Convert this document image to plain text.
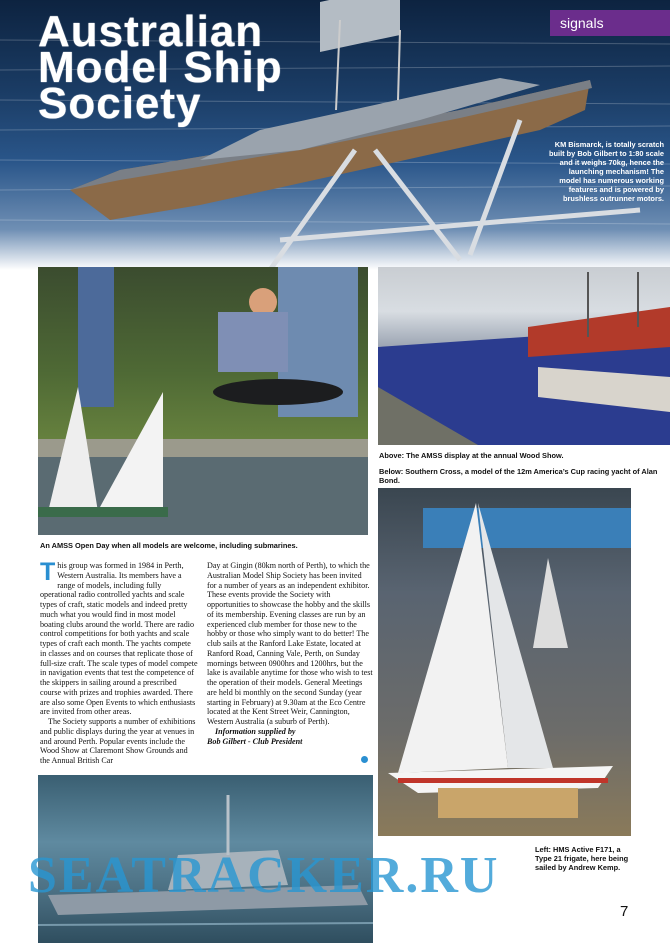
Australian
Model Ship
Society
KM Bismarck, is totally scratch built by Bob Gilbert to 1:80 scale and it weighs 70kg, hence the launching mechanism! The model has numerous working features and is powered by brushless outrunner motors.
signals
An AMSS Open Day when all models are welcome, including submarines.
Above: The AMSS display at the annual Wood Show.
Below: Southern Cross, a model of the 12m America’s Cup racing yacht of Alan Bond.
Left: HMS Active F171, a Type 21 frigate, here being sailed by Andrew Kemp.

This group was formed in 1984 in Perth, Western Australia. Its members have a range of models, including fully operational radio controlled yachts and scale types of craft, static models and indeed pretty much what you would find in most model boating clubs around the world. There are radio control competitions for both yachts and scale types of craft each month. The yachts compete in classes and on courses that replicate those of full-size craft. The scale types of model compete in navigation events that test the competence of the skippers in sailing around a prescribed course with prizes and trophies awarded. There are also some Open Events to which enthusiasts are invited from other areas.

The Society supports a number of exhibitions and public displays during the year at venues in and around Perth. Popular events include the Wood Show at Claremont Show Grounds and the Annual British Car

Day at Gingin (80km north of Perth), to which the Australian Model Ship Society has been invited for a number of years as an independent exhibitor. These events provide the Society with opportunities to showcase the hobby and the skills of its membership. Evening classes are run by an experienced club member for those new to the hobby or those who simply want to do better! The club sails at the Ranford Lake Estate, located at Ranford Road, Canning Vale, Perth, on Sunday mornings between 0900hrs and 1200hrs, but the lake is available anytime for those who wish to test the operation of their models. General Meetings are held bi monthly on the second Sunday (year starting in February) at 9.30am at the Eco Centre located at the Kent Street Weir, Cannington, Western Australia (a suburb of Perth).

Information supplied by

Bob Gilbert - Club President

SEATRACKER.RU
7
